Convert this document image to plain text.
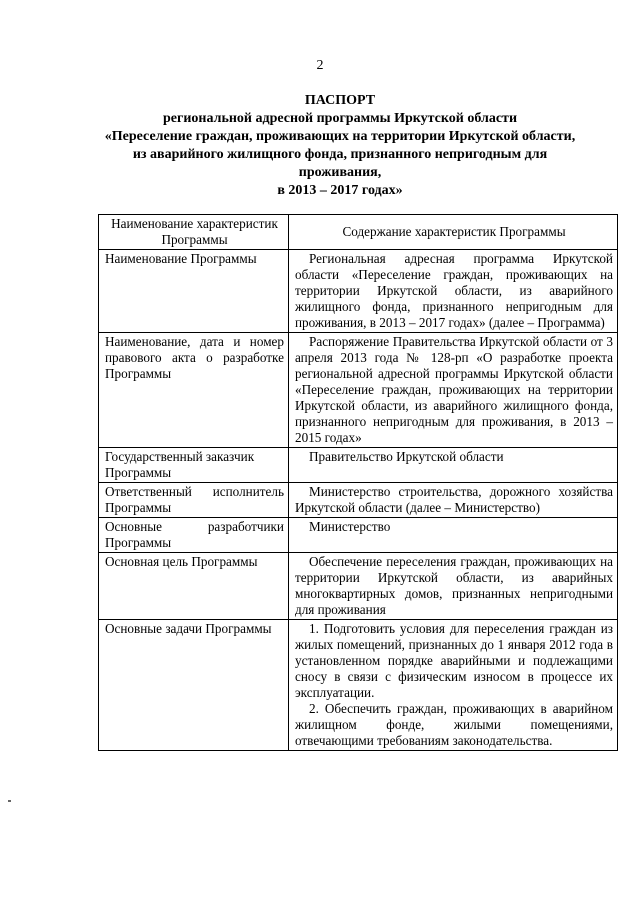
2
ПАСПОРТ
региональной адресной программы Иркутской области
«Переселение граждан, проживающих на территории Иркутской области,
из аварийного жилищного фонда, признанного непригодным для
проживания,
в 2013 – 2017 годах»
Наименование характеристик Программы	Содержание характеристик Программы
Наименование Программы	Региональная адресная программа Иркутской области «Переселение граждан, проживающих на территории Иркутской области, из аварийного жилищного фонда, признанного непригодным для проживания, в 2013 – 2017 годах» (далее – Программа)

Наименование, дата и номер правового акта о разработке Программы	Распоряжение Правительства Иркутской области от 3 апреля 2013 года № 128-рп «О разработке проекта региональной адресной программы Иркутской области «Переселение граждан, проживающих на территории Иркутской области, из аварийного жилищного фонда, признанного непригодным для проживания, в 2013 – 2015 годах»

Государственный заказчик Программы	Правительство Иркутской области

Ответственный исполнитель Программы	Министерство строительства, дорожного хозяйства Иркутской области (далее – Министерство)

Основные разработчики Программы	Министерство

Основная цель Программы	Обеспечение переселения граждан, проживающих на территории Иркутской области, из аварийных многоквартирных домов, признанных непригодными для проживания

Основные задачи Программы	1. Подготовить условия для переселения граждан из жилых помещений, признанных до 1 января 2012 года в установленном порядке аварийными и подлежащими сносу в связи с физическим износом в процессе их эксплуатации.

2. Обеспечить граждан, проживающих в аварийном жилищном фонде, жилыми помещениями, отвечающими требованиям законодательства.
